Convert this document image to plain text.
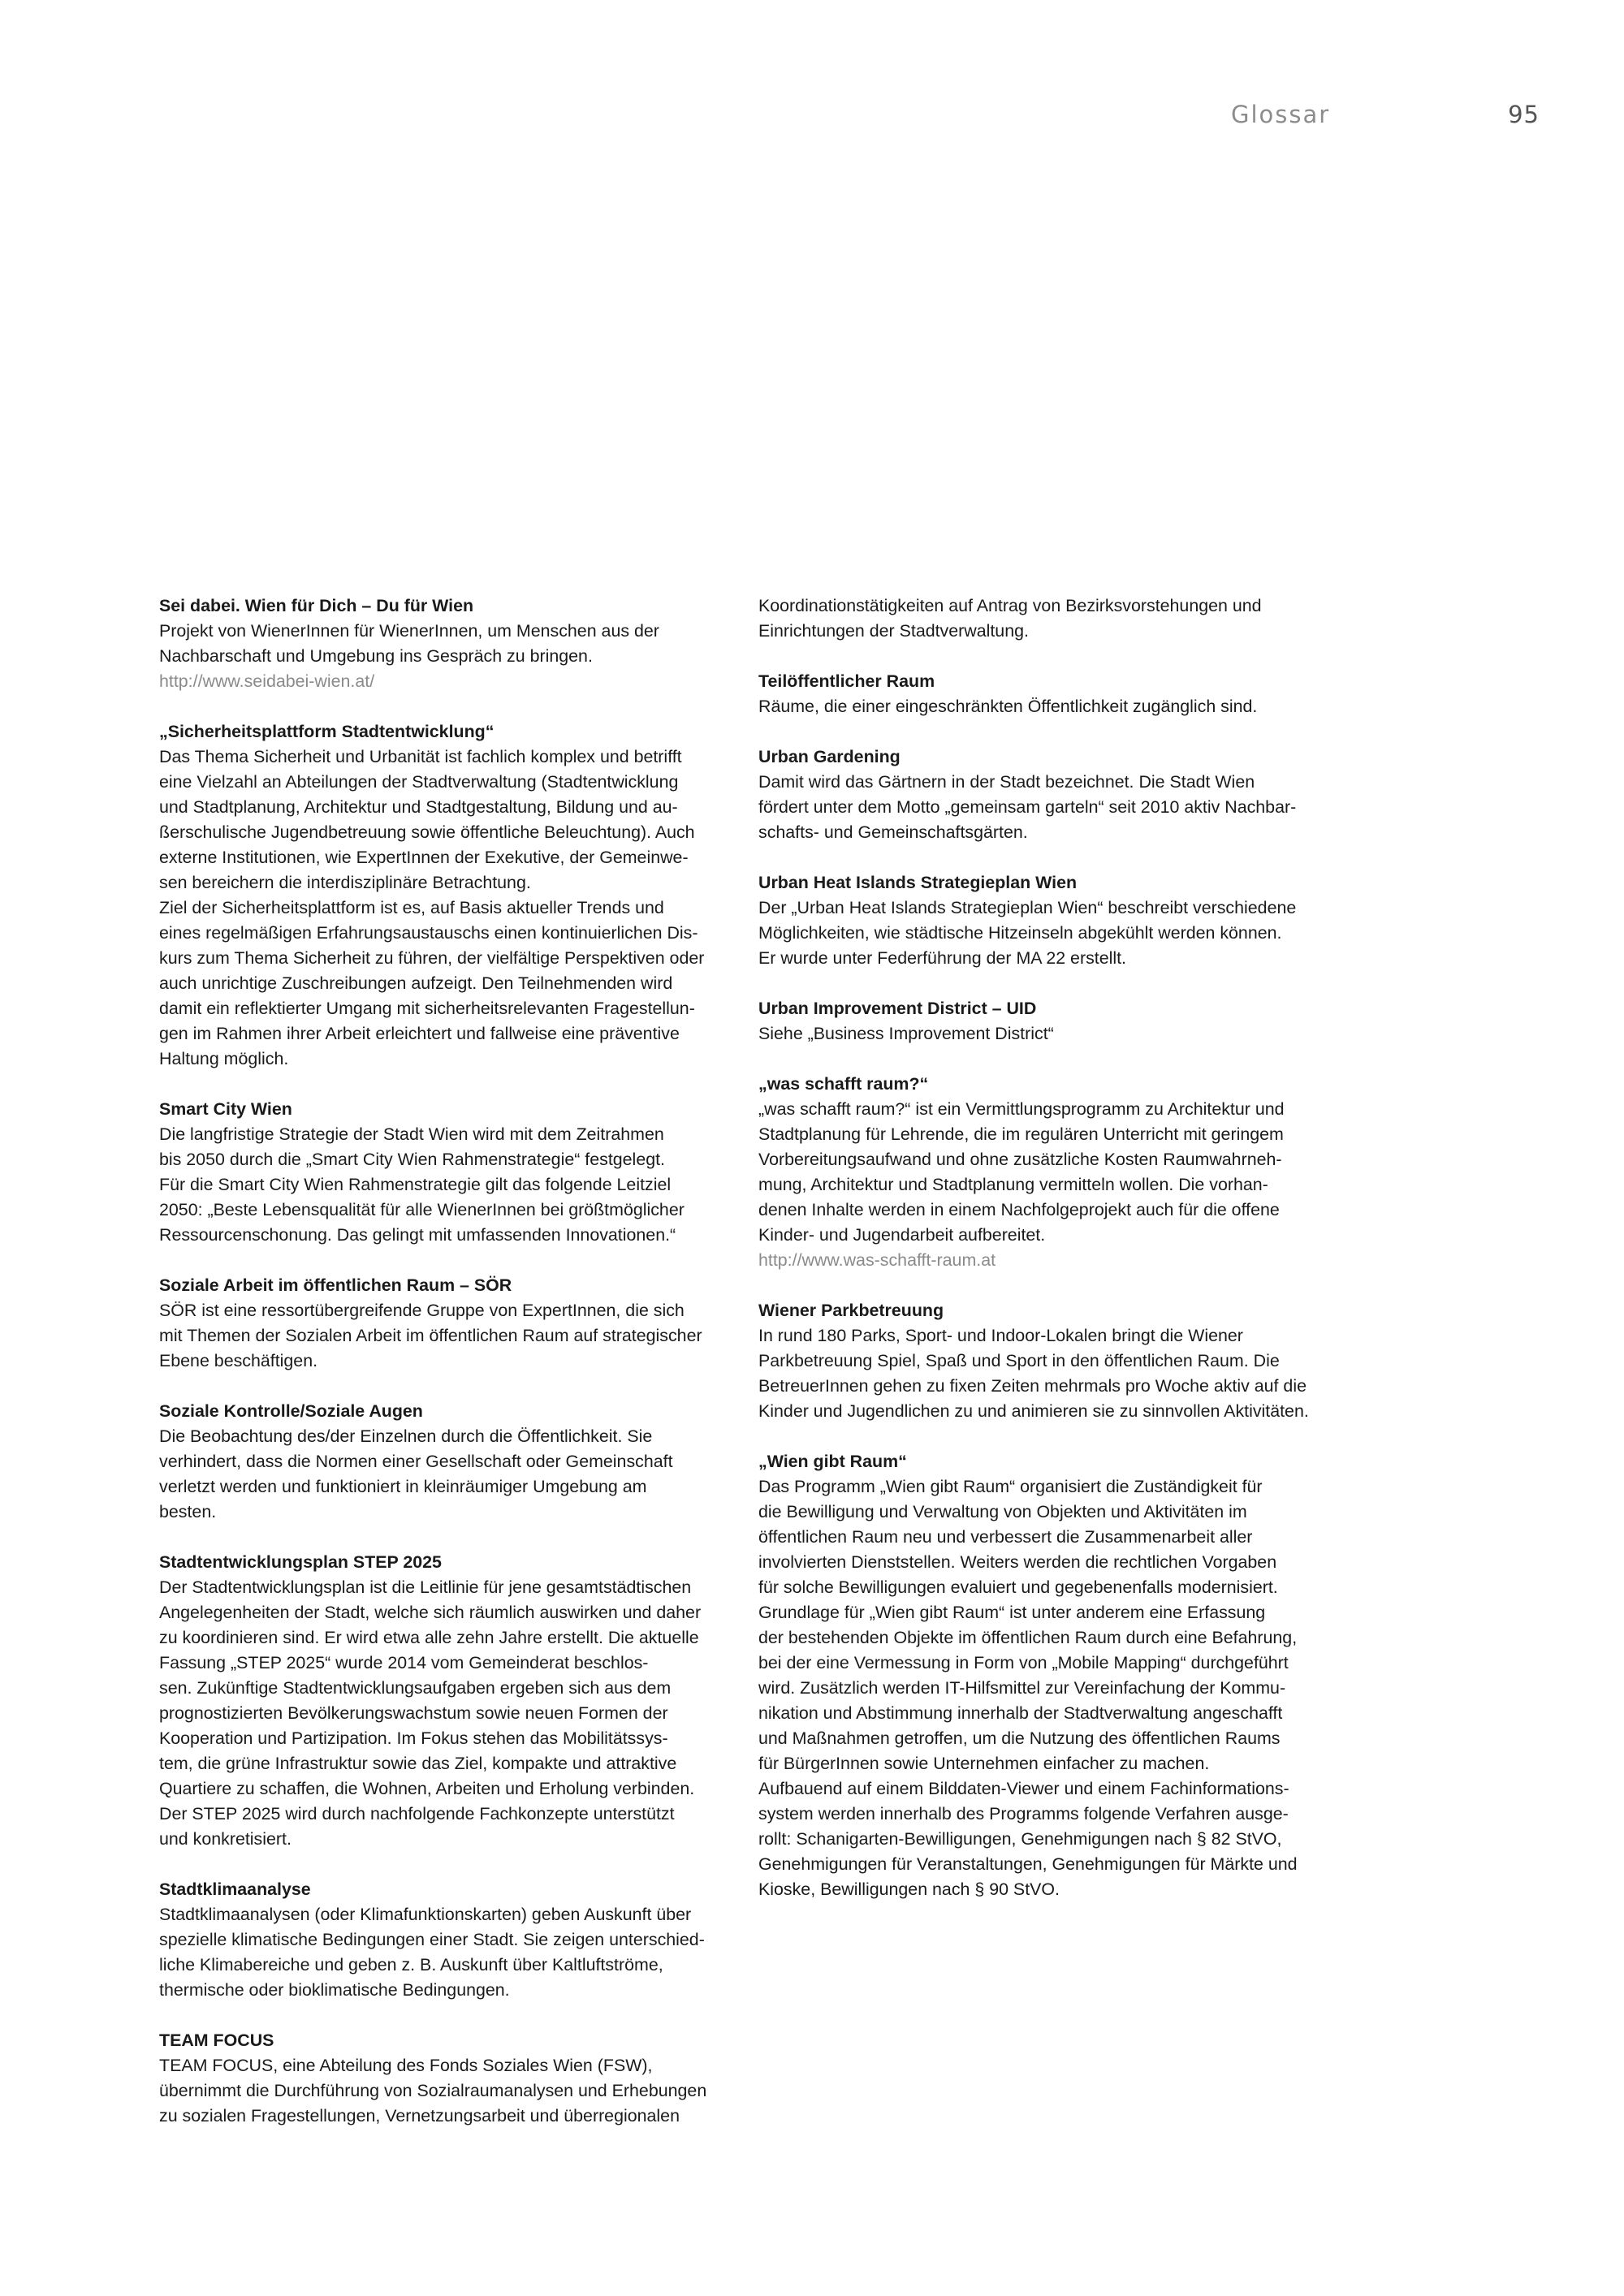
Glossar	95
Sei dabei. Wien für Dich – Du für Wien
Projekt von WienerInnen für WienerInnen, um Menschen aus der
Nachbarschaft und Umgebung ins Gespräch zu bringen.
http://www.seidabei-wien.at/
„Sicherheitsplattform Stadtentwicklung“
Das Thema Sicherheit und Urbanität ist fachlich komplex und betrifft
eine Vielzahl an Abteilungen der Stadtverwaltung (Stadtentwicklung
und Stadtplanung, Architektur und Stadtgestaltung, Bildung und au-
ßerschulische Jugendbetreuung sowie öffentliche Beleuchtung). Auch
externe Institutionen, wie ExpertInnen der Exekutive, der Gemeinwe-
sen bereichern die interdisziplinäre Betrachtung.
Ziel der Sicherheitsplattform ist es, auf Basis aktueller Trends und
eines regelmäßigen Erfahrungsaustauschs einen kontinuierlichen Dis-
kurs zum Thema Sicherheit zu führen, der vielfältige Perspektiven oder
auch unrichtige Zuschreibungen aufzeigt. Den Teilnehmenden wird
damit ein reflektierter Umgang mit sicherheitsrelevanten Fragestellun-
gen im Rahmen ihrer Arbeit erleichtert und fallweise eine präventive
Haltung möglich.
Smart City Wien
Die langfristige Strategie der Stadt Wien wird mit dem Zeitrahmen
bis 2050 durch die „Smart City Wien Rahmenstrategie“ festgelegt.
Für die Smart City Wien Rahmenstrategie gilt das folgende Leitziel
2050: „Beste Lebensqualität für alle WienerInnen bei größtmöglicher
Ressourcenschonung. Das gelingt mit umfassenden Innovationen.“
Soziale Arbeit im öffentlichen Raum – SÖR
SÖR ist eine ressortübergreifende Gruppe von ExpertInnen, die sich
mit Themen der Sozialen Arbeit im öffentlichen Raum auf strategischer
Ebene beschäftigen.
Soziale Kontrolle/Soziale Augen
Die Beobachtung des/der Einzelnen durch die Öffentlichkeit. Sie
verhindert, dass die Normen einer Gesellschaft oder Gemeinschaft
verletzt werden und funktioniert in kleinräumiger Umgebung am
besten.
Stadtentwicklungsplan STEP 2025
Der Stadtentwicklungsplan ist die Leitlinie für jene gesamtstädtischen
Angelegenheiten der Stadt, welche sich räumlich auswirken und daher
zu koordinieren sind. Er wird etwa alle zehn Jahre erstellt. Die aktuelle
Fassung „STEP 2025“ wurde 2014 vom Gemeinderat beschlos-
sen. Zukünftige Stadtentwicklungsaufgaben ergeben sich aus dem
prognostizierten Bevölkerungswachstum sowie neuen Formen der
Kooperation und Partizipation. Im Fokus stehen das Mobilitätssys-
tem, die grüne Infrastruktur sowie das Ziel, kompakte und attraktive
Quartiere zu schaffen, die Wohnen, Arbeiten und Erholung verbinden.
Der STEP 2025 wird durch nachfolgende Fachkonzepte unterstützt
und konkretisiert.
Stadtklimaanalyse
Stadtklimaanalysen (oder Klimafunktionskarten) geben Auskunft über
spezielle klimatische Bedingungen einer Stadt. Sie zeigen unterschied-
liche Klimabereiche und geben z. B. Auskunft über Kaltluftströme,
thermische oder bioklimatische Bedingungen.
TEAM FOCUS
TEAM FOCUS, eine Abteilung des Fonds Soziales Wien (FSW),
übernimmt die Durchführung von Sozialraumanalysen und Erhebungen
zu sozialen Fragestellungen, Vernetzungsarbeit und überregionalen
Koordinationstätigkeiten auf Antrag von Bezirksvorstehungen und
Einrichtungen der Stadtverwaltung.
Teilöffentlicher Raum
Räume, die einer eingeschränkten Öffentlichkeit zugänglich sind.
Urban Gardening
Damit wird das Gärtnern in der Stadt bezeichnet. Die Stadt Wien
fördert unter dem Motto „gemeinsam garteln“ seit 2010 aktiv Nachbar-
schafts- und Gemeinschaftsgärten.
Urban Heat Islands Strategieplan Wien
Der „Urban Heat Islands Strategieplan Wien“ beschreibt verschiedene
Möglichkeiten, wie städtische Hitzeinseln abgekühlt werden können.
Er wurde unter Federführung der MA 22 erstellt.
Urban Improvement District – UID
Siehe „Business Improvement District“
„was schafft raum?“
„was schafft raum?“ ist ein Vermittlungsprogramm zu Architektur und
Stadtplanung für Lehrende, die im regulären Unterricht mit geringem
Vorbereitungsaufwand und ohne zusätzliche Kosten Raumwahrneh-
mung, Architektur und Stadtplanung vermitteln wollen. Die vorhan-
denen Inhalte werden in einem Nachfolgeprojekt auch für die offene
Kinder- und Jugendarbeit aufbereitet.
http://www.was-schafft-raum.at
Wiener Parkbetreuung
In rund 180 Parks, Sport- und Indoor-Lokalen bringt die Wiener
Parkbetreuung Spiel, Spaß und Sport in den öffentlichen Raum. Die
BetreuerInnen gehen zu fixen Zeiten mehrmals pro Woche aktiv auf die
Kinder und Jugendlichen zu und animieren sie zu sinnvollen Aktivitäten.
„Wien gibt Raum“
Das Programm „Wien gibt Raum“ organisiert die Zuständigkeit für
die Bewilligung und Verwaltung von Objekten und Aktivitäten im
öffentlichen Raum neu und verbessert die Zusammenarbeit aller
involvierten Dienststellen. Weiters werden die rechtlichen Vorgaben
für solche Bewilligungen evaluiert und gegebenenfalls modernisiert.
Grundlage für „Wien gibt Raum“ ist unter anderem eine Erfassung
der bestehenden Objekte im öffentlichen Raum durch eine Befahrung,
bei der eine Vermessung in Form von „Mobile Mapping“ durchgeführt
wird. Zusätzlich werden IT-Hilfsmittel zur Vereinfachung der Kommu-
nikation und Abstimmung innerhalb der Stadtverwaltung angeschafft
und Maßnahmen getroffen, um die Nutzung des öffentlichen Raums
für BürgerInnen sowie Unternehmen einfacher zu machen.
Aufbauend auf einem Bilddaten-Viewer und einem Fachinformations-
system werden innerhalb des Programms folgende Verfahren ausge-
rollt: Schanigarten-Bewilligungen, Genehmigungen nach § 82 StVO,
Genehmigungen für Veranstaltungen, Genehmigungen für Märkte und
Kioske, Bewilligungen nach § 90 StVO.
